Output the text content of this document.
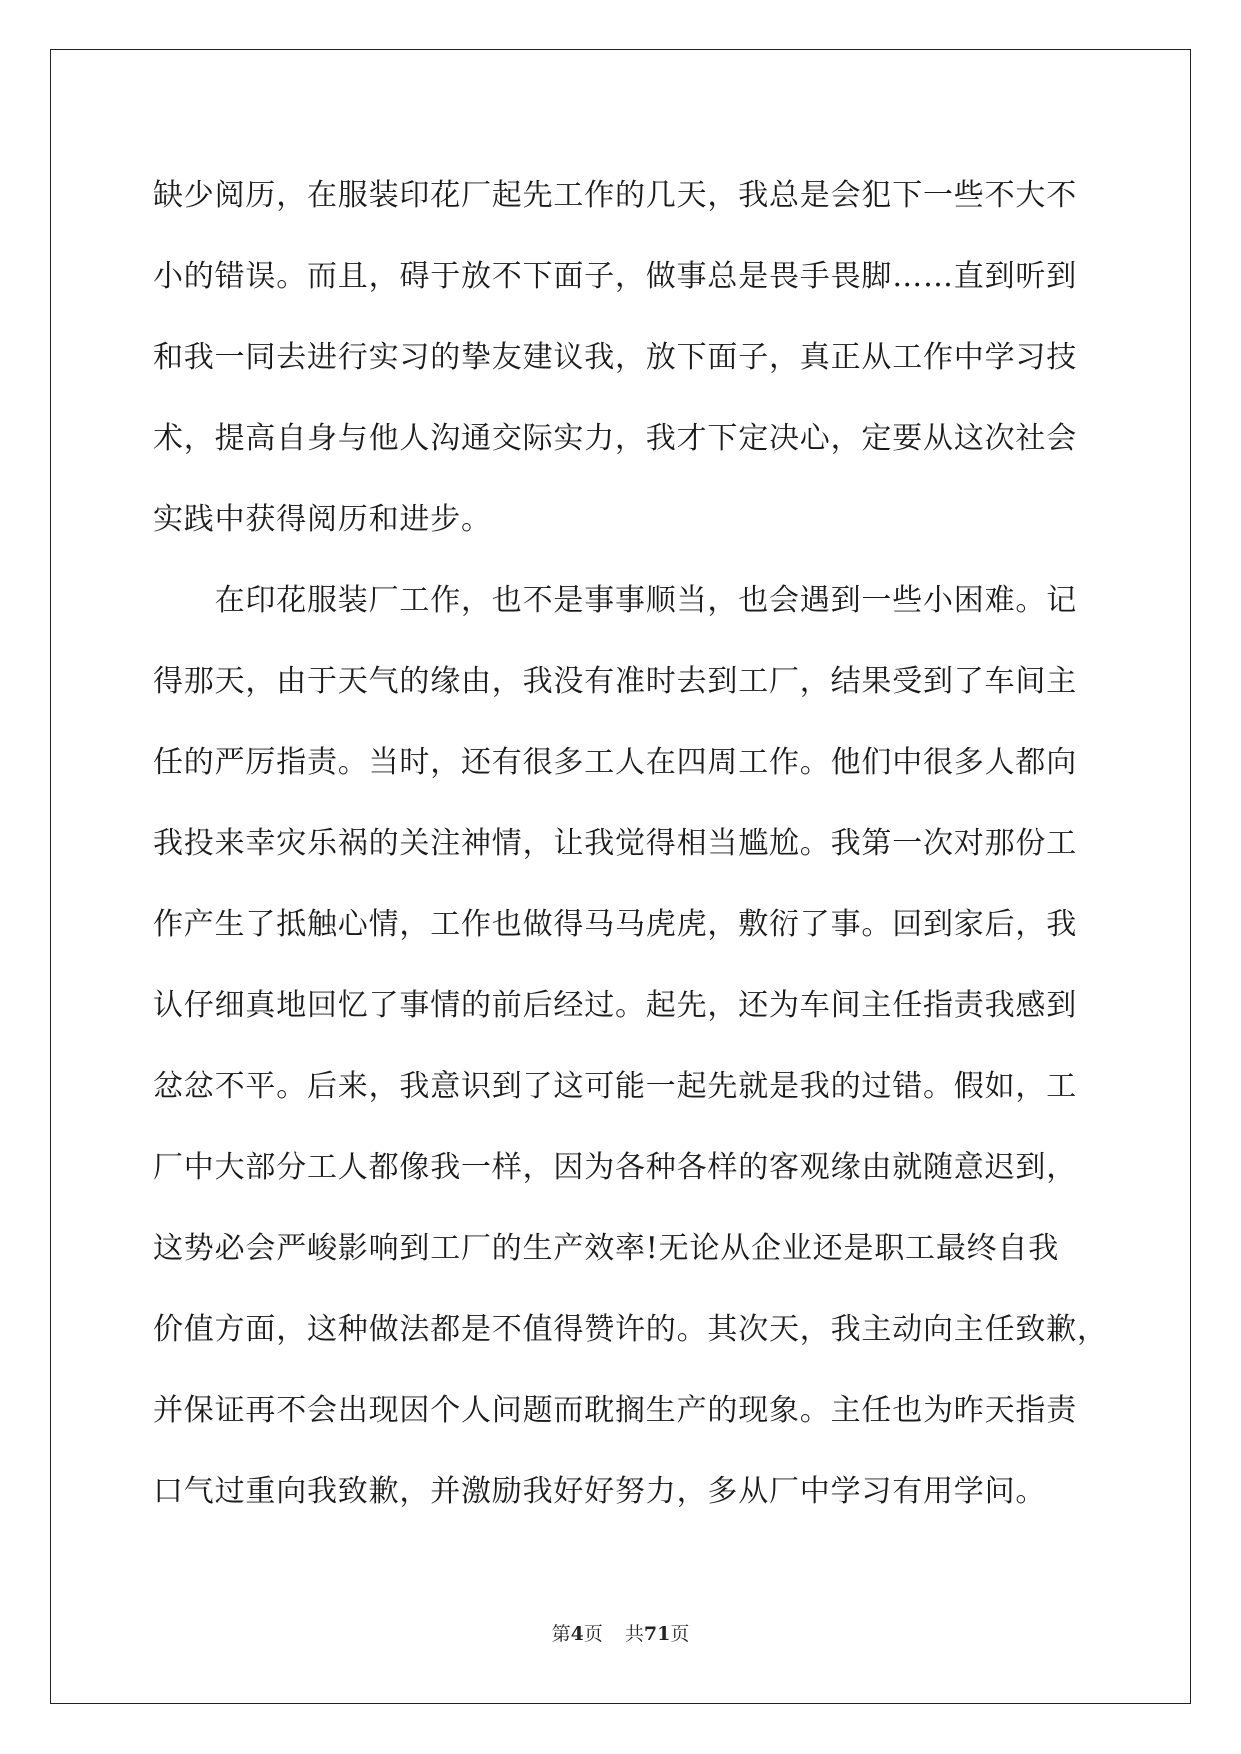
缺少阅历，在服装印花厂起先工作的几天，我总是会犯下一些不大不
小的错误。而且，碍于放不下面子，做事总是畏手畏脚……直到听到
和我一同去进行实习的挚友建议我，放下面子，真正从工作中学习技
术，提高自身与他人沟通交际实力，我才下定决心，定要从这次社会
实践中获得阅历和进步。
　　在印花服装厂工作，也不是事事顺当，也会遇到一些小困难。记
得那天，由于天气的缘由，我没有准时去到工厂，结果受到了车间主
任的严厉指责。当时，还有很多工人在四周工作。他们中很多人都向
我投来幸灾乐祸的关注神情，让我觉得相当尴尬。我第一次对那份工
作产生了抵触心情，工作也做得马马虎虎，敷衍了事。回到家后，我
认仔细真地回忆了事情的前后经过。起先，还为车间主任指责我感到
忿忿不平。后来，我意识到了这可能一起先就是我的过错。假如，工
厂中大部分工人都像我一样，因为各种各样的客观缘由就随意迟到，
这势必会严峻影响到工厂的生产效率!无论从企业还是职工最终自我
价值方面，这种做法都是不值得赞许的。其次天，我主动向主任致歉，
并保证再不会出现因个人问题而耽搁生产的现象。主任也为昨天指责
口气过重向我致歉，并激励我好好努力，多从厂中学习有用学问。
第4页 共71页
